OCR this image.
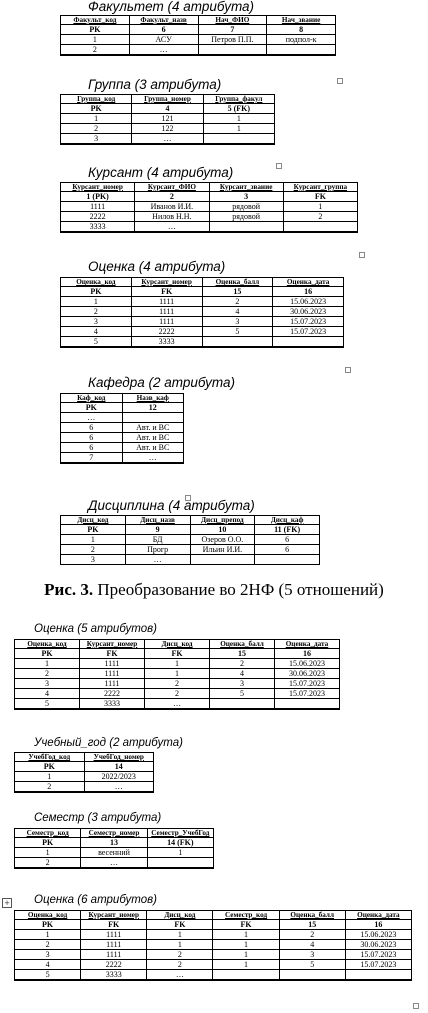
Факультет (4 атрибута)
Факульт_код	Факульт_назв	Нач_ФИО	Нач_звание
PK	6	7	8
1	АСУ	Петров П.П.	подпол-к
2	…		

Группа (3 атрибута)
Группа_код	Группа_номер	Группа_факул
PK	4	5 (FK)
1	121	1
2	122	1
3	…	

Курсант (4 атрибута)
Курсант_номер	Курсант_ФИО	Курсант_звание	Курсант_группа
1 (PK)	2	3	FK
1111	Иванов И.И.	рядовой	1
2222	Нилов Н.Н.	рядовой	2
3333	…		

Оценка (4 атрибута)
Оценка_код	Курсант_номер	Оценка_балл	Оценка_дата
PK	FK	15	16
1	1111	2	15.06.2023
2	1111	4	30.06.2023
3	1111	3	15.07.2023
4	2222	5	15.07.2023
5	3333		

Кафедра (2 атрибута)
Каф_код	Назв_каф
PK	12
…	
6	Авт. и ВС
6	Авт. и ВС
6	Авт. и ВС
7	…

Дисциплина (4 атрибута)
Дисц_код	Дисц_назв	Дисц_препод	Дисц_каф
PK	9	10	11 (FK)
1	БД	Озеров О.О.	6
2	Прогр	Ильин И.И.	6
3	…		
Рис. 3. Преобразование во 2НФ (5 отношений)
Оценка (5 атрибутов)
Оценка_код	Курсант_номер	Дисц_код	Оценка_балл	Оценка_дата
PK	FK	FK	15	16
1	1111	1	2	15.06.2023
2	1111	1	4	30.06.2023
3	1111	2	3	15.07.2023
4	2222	2	5	15.07.2023
5	3333	…		

Учебный_год (2 атрибута)
УчебГод_код	УчебГод_номер
PK	14
1	2022/2023
2	…

Семестр (3 атрибута)
Семестр_код	Семестр_номер	Семестр_УчебГод
PK	13	14 (FK)
1	весенний	1
2	…	

+ Оценка (6 атрибутов)
Оценка_код	Курсант_номер	Дисц_код	Семестр_код	Оценка_балл	Оценка_дата
PK	FK	FK	FK	15	16
1	1111	1	1	2	15.06.2023
2	1111	1	1	4	30.06.2023
3	1111	2	1	3	15.07.2023
4	2222	2	1	5	15.07.2023
5	3333	…			
